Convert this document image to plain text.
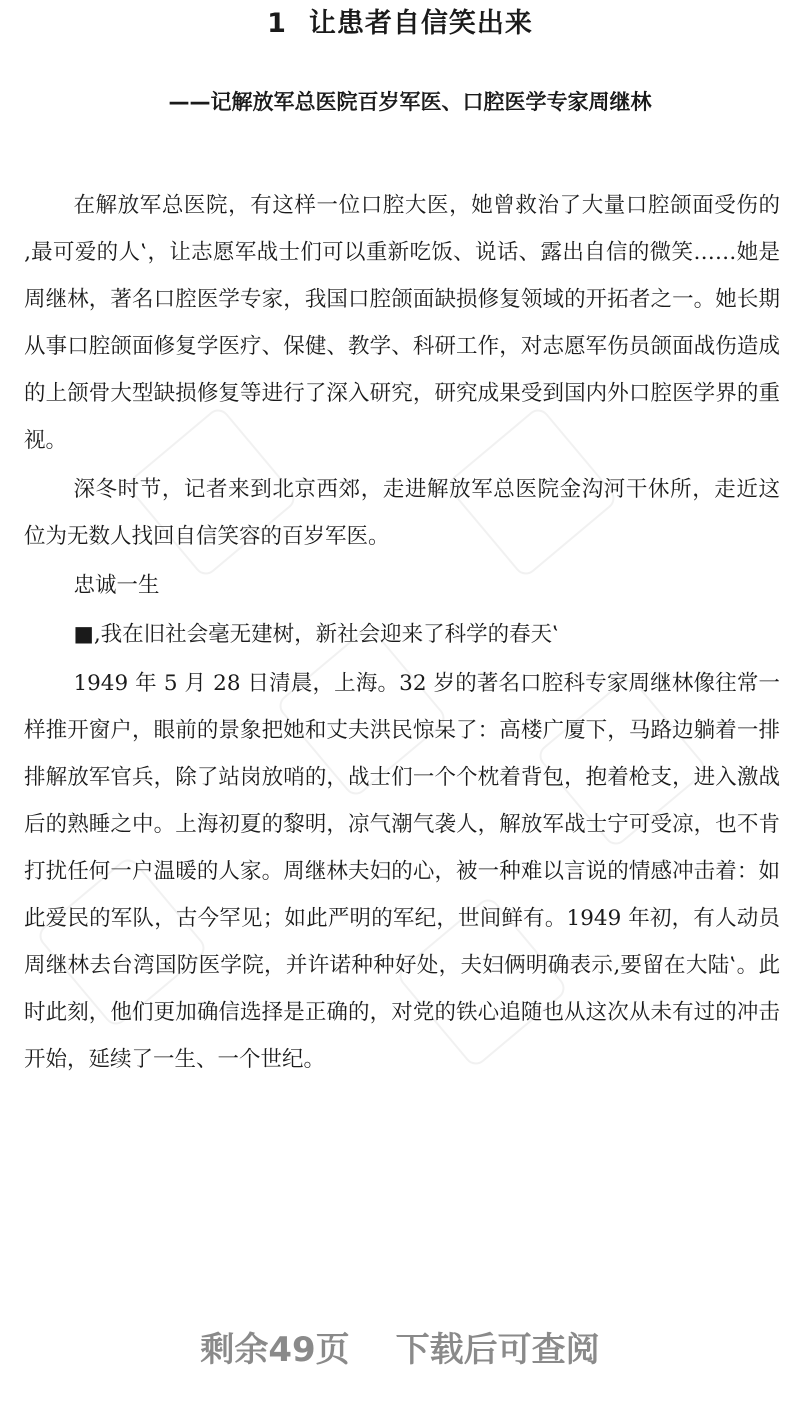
1 让患者自信笑出来
——记解放军总医院百岁军医、口腔医学专家周继林

在解放军总医院，有这样一位口腔大医，她曾救治了大量口腔颌面受伤的‚最可爱的人‛，让志愿军战士们可以重新吃饭、说话、露出自信的微笑……她是周继林，著名口腔医学专家，我国口腔颌面缺损修复领域的开拓者之一。她长期从事口腔颌面修复学医疗、保健、教学、科研工作，对志愿军伤员颌面战伤造成的上颌骨大型缺损修复等进行了深入研究，研究成果受到国内外口腔医学界的重视。

深冬时节，记者来到北京西郊，走进解放军总医院金沟河干休所，走近这位为无数人找回自信笑容的百岁军医。

忠诚一生

■‚我在旧社会毫无建树，新社会迎来了科学的春天‛

1949 年 5 月 28 日清晨，上海。32 岁的著名口腔科专家周继林像往常一样推开窗户，眼前的景象把她和丈夫洪民惊呆了：高楼广厦下，马路边躺着一排排解放军官兵，除了站岗放哨的，战士们一个个枕着背包，抱着枪支，进入激战后的熟睡之中。上海初夏的黎明，凉气潮气袭人，解放军战士宁可受凉，也不肯打扰任何一户温暖的人家。周继林夫妇的心，被一种难以言说的情感冲击着：如此爱民的军队，古今罕见；如此严明的军纪，世间鲜有。1949 年初，有人动员周继林去台湾国防医学院，并许诺种种好处，夫妇俩明确表示‚要留在大陆‛。此时此刻，他们更加确信选择是正确的，对党的铁心追随也从这次从未有过的冲击开始，延续了一生、一个世纪。

剩余49页 下载后可查阅
